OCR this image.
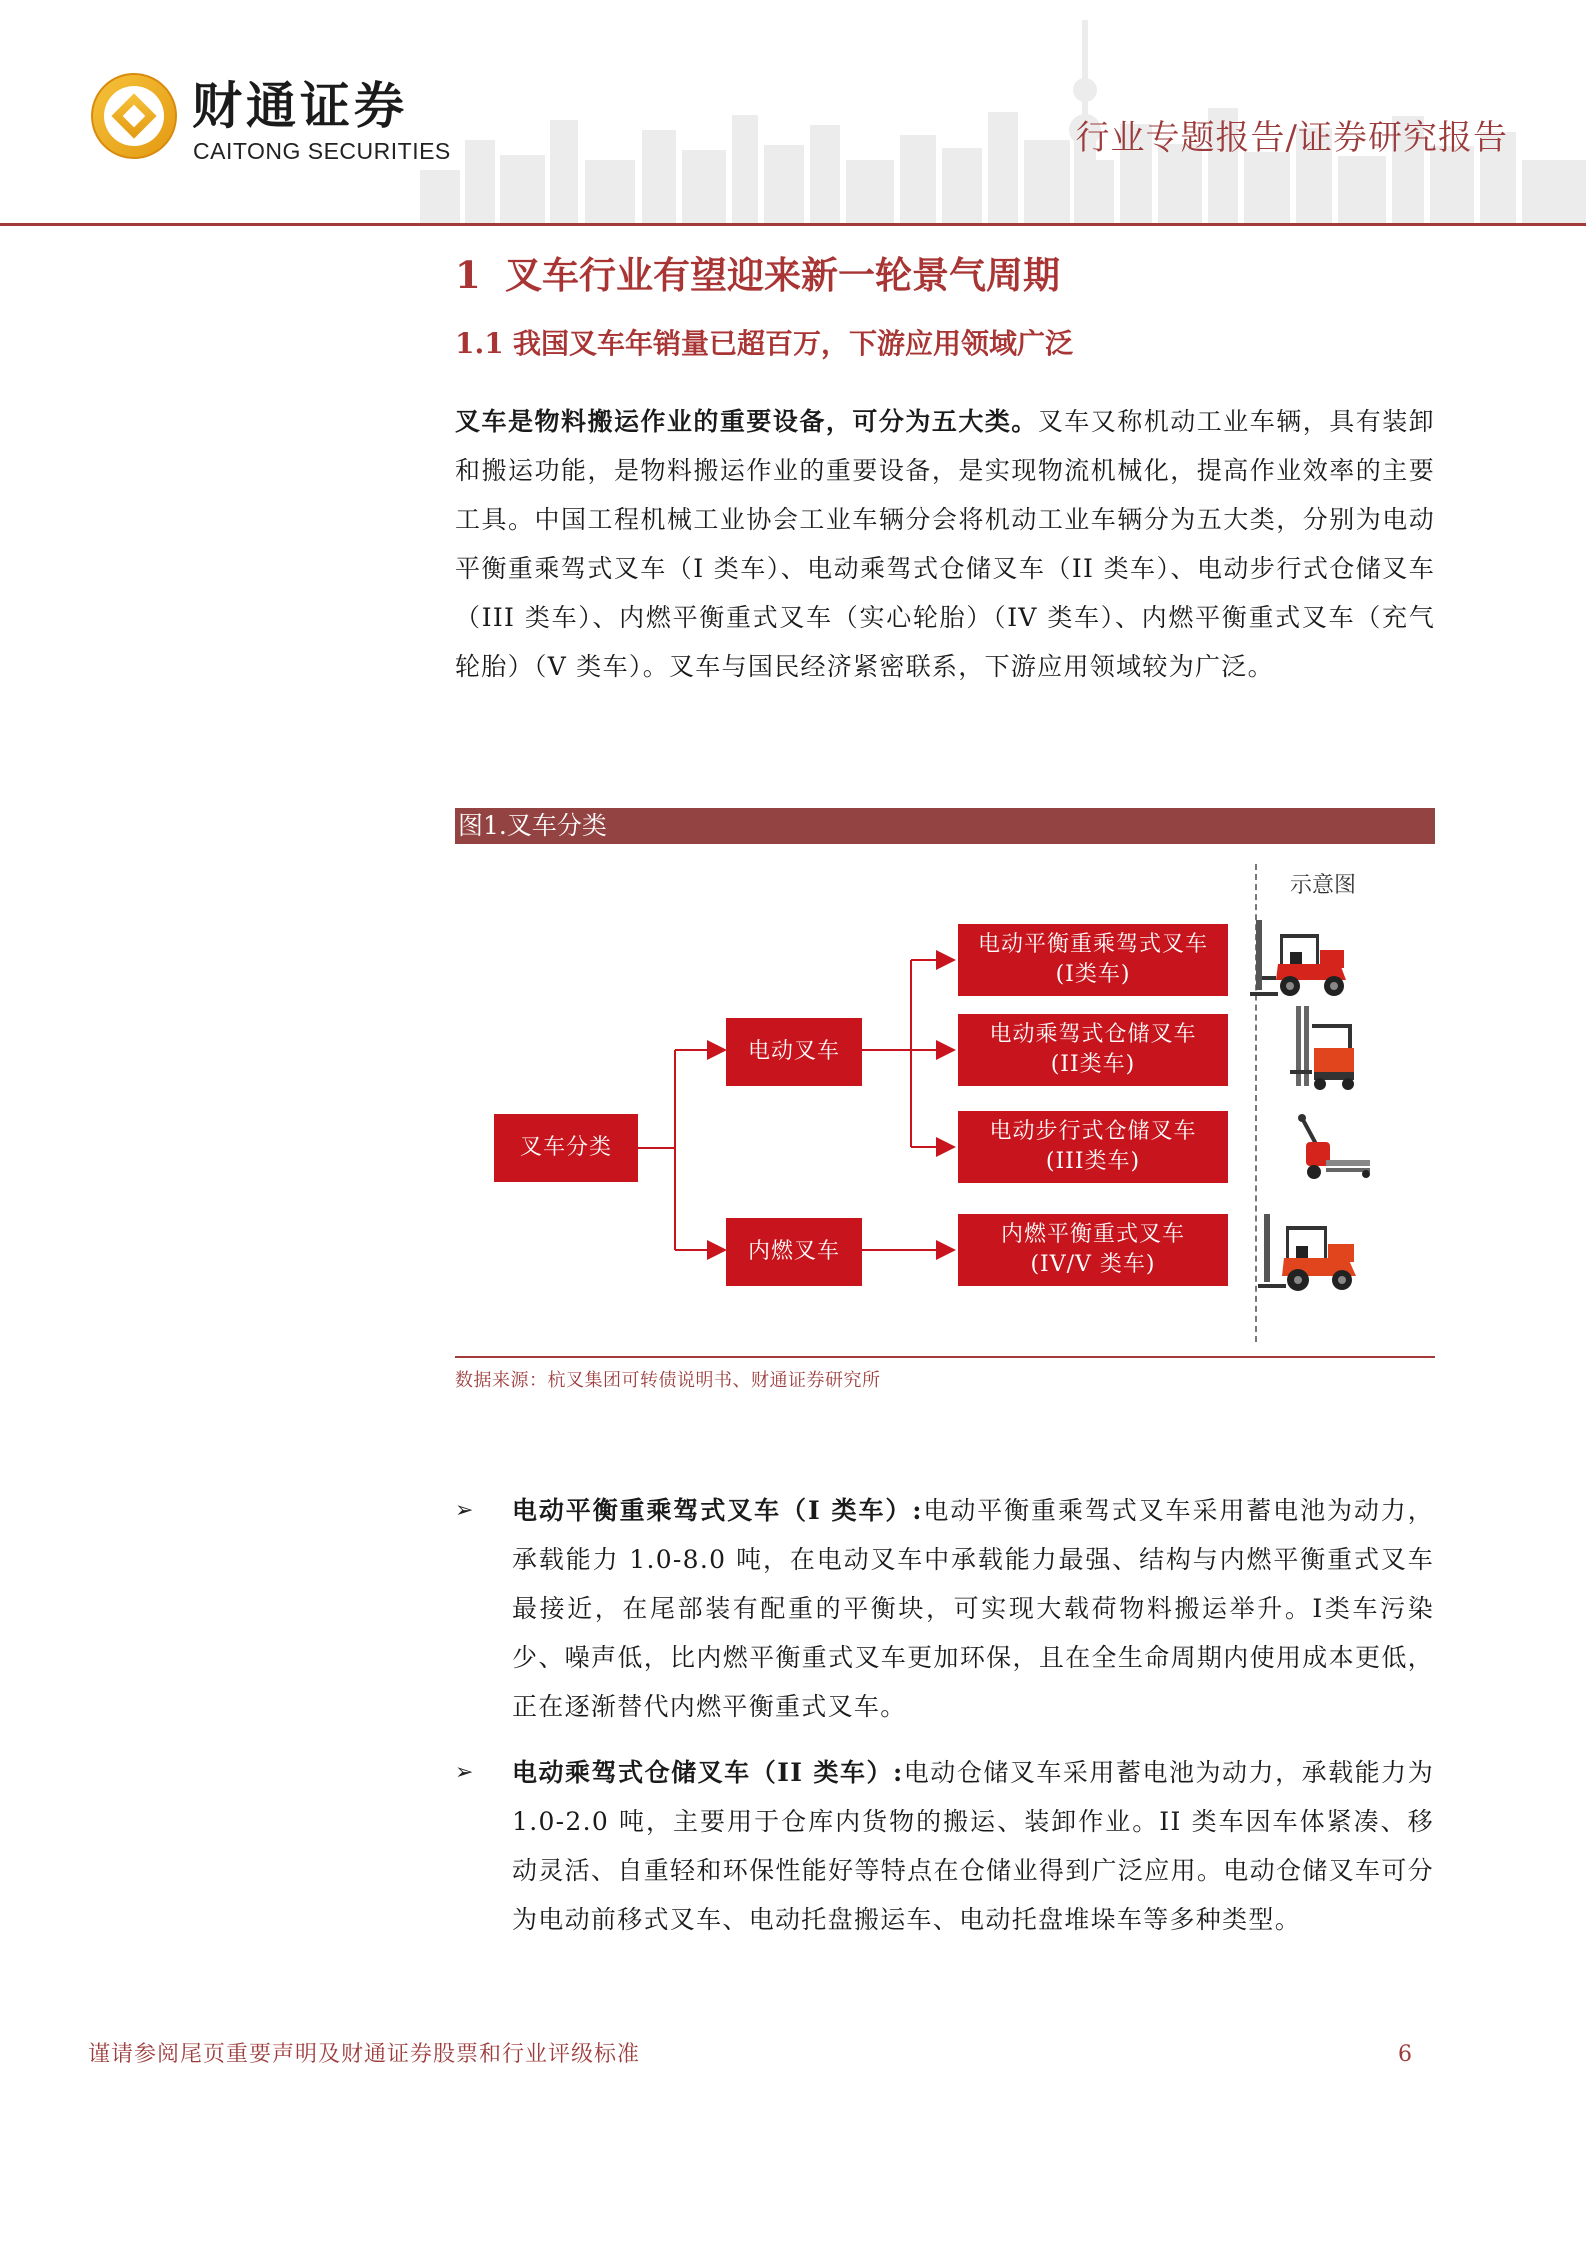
财通证券
CAITONG SECURITIES	行业专题报告/证券研究报告
1 叉车行业有望迎来新一轮景气周期
1.1 我国叉车年销量已超百万，下游应用领域广泛
叉车是物料搬运作业的重要设备，可分为五大类。叉车又称机动工业车辆，具有装卸和搬运功能，是物料搬运作业的重要设备，是实现物流机械化，提高作业效率的主要工具。中国工程机械工业协会工业车辆分会将机动工业车辆分为五大类，分别为电动平衡重乘驾式叉车（I 类车）、电动乘驾式仓储叉车（II 类车）、电动步行式仓储叉车（III 类车）、内燃平衡重式叉车（实心轮胎）（IV 类车）、内燃平衡重式叉车（充气轮胎）（V 类车）。叉车与国民经济紧密联系，下游应用领域较为广泛。
图1.叉车分类
叉车分类
电动叉车
内燃叉车
电动平衡重乘驾式叉车
(I类车)
电动乘驾式仓储叉车
(II类车)
电动步行式仓储叉车
(III类车)
内燃平衡重式叉车
(IV/V 类车)
示意图
数据来源：杭叉集团可转债说明书、财通证券研究所
➢ 电动平衡重乘驾式叉车（I 类车）:电动平衡重乘驾式叉车采用蓄电池为动力，承载能力 1.0-8.0 吨，在电动叉车中承载能力最强、结构与内燃平衡重式叉车最接近，在尾部装有配重的平衡块，可实现大载荷物料搬运举升。I类车污染少、噪声低，比内燃平衡重式叉车更加环保，且在全生命周期内使用成本更低，正在逐渐替代内燃平衡重式叉车。
➢ 电动乘驾式仓储叉车（II 类车）:电动仓储叉车采用蓄电池为动力，承载能力为 1.0-2.0 吨，主要用于仓库内货物的搬运、装卸作业。II 类车因车体紧凑、移动灵活、自重轻和环保性能好等特点在仓储业得到广泛应用。电动仓储叉车可分为电动前移式叉车、电动托盘搬运车、电动托盘堆垛车等多种类型。
谨请参阅尾页重要声明及财通证券股票和行业评级标准	6
